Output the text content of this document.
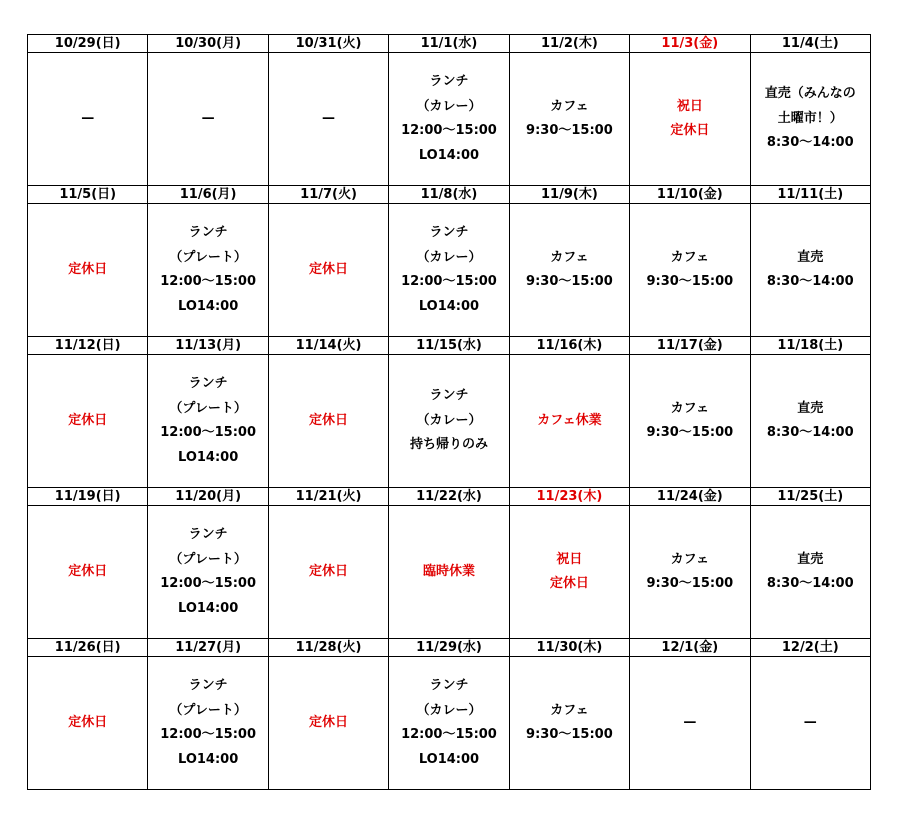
10/29(日)	10/30(月)	10/31(火)	11/1(水)	11/2(木)	11/3(金)	11/4(土)

—	—	—	ランチ
（カレー）
12:00～15:00
LO14:00	カフェ
9:30～15:00	祝日
定休日	直売（みんなの
土曜市！）
8:30～14:00

11/5(日)	11/6(月)	11/7(火)	11/8(水)	11/9(木)	11/10(金)	11/11(土)

定休日	ランチ
（プレート）
12:00～15:00
LO14:00	定休日	ランチ
（カレー）
12:00～15:00
LO14:00	カフェ
9:30～15:00	カフェ
9:30～15:00	直売
8:30～14:00

11/12(日)	11/13(月)	11/14(火)	11/15(水)	11/16(木)	11/17(金)	11/18(土)

定休日	ランチ
（プレート）
12:00～15:00
LO14:00	定休日	ランチ
（カレー）
持ち帰りのみ	カフェ休業	カフェ
9:30～15:00	直売
8:30～14:00

11/19(日)	11/20(月)	11/21(火)	11/22(水)	11/23(木)	11/24(金)	11/25(土)

定休日	ランチ
（プレート）
12:00～15:00
LO14:00	定休日	臨時休業	祝日
定休日	カフェ
9:30～15:00	直売
8:30～14:00

11/26(日)	11/27(月)	11/28(火)	11/29(水)	11/30(木)	12/1(金)	12/2(土)

定休日	ランチ
（プレート）
12:00～15:00
LO14:00	定休日	ランチ
（カレー）
12:00～15:00
LO14:00	カフェ
9:30～15:00	—	—
